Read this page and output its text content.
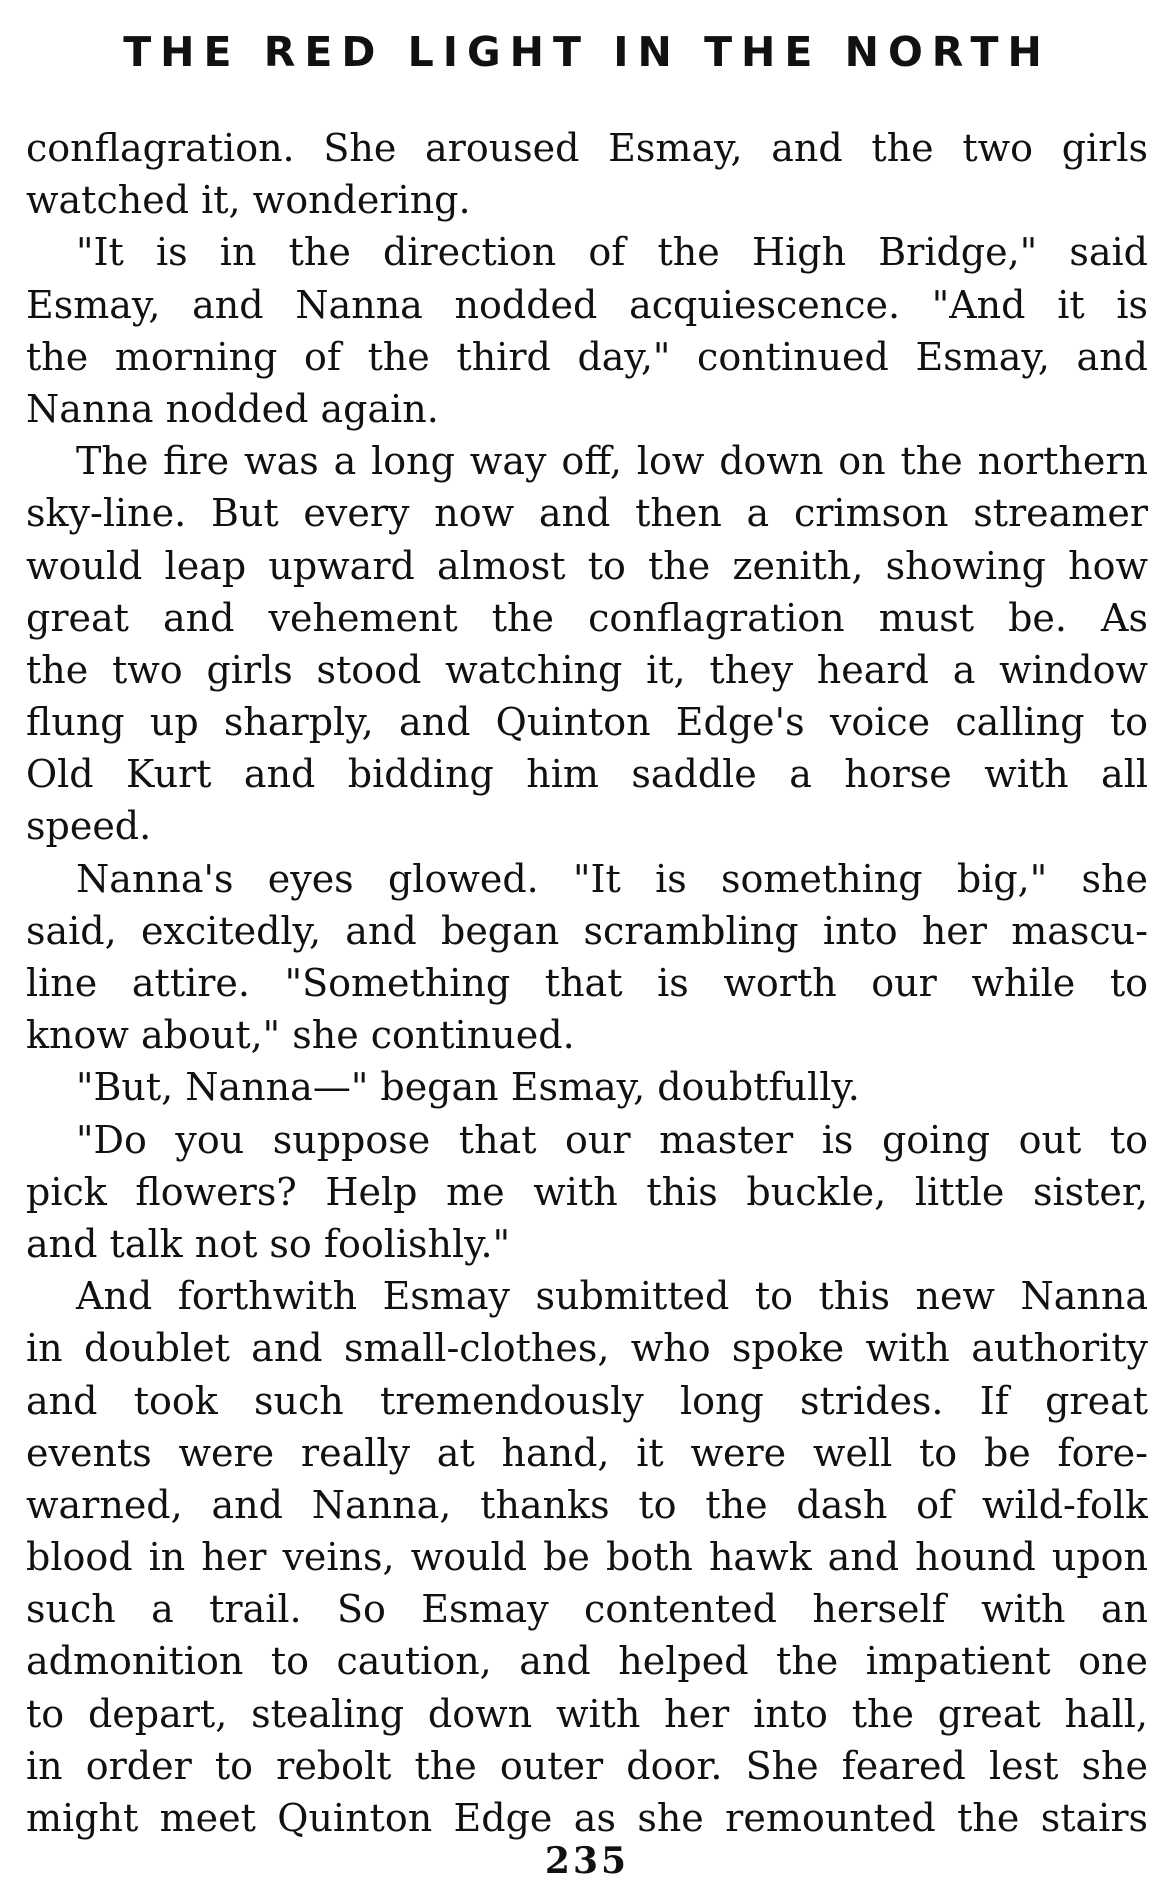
THE RED LIGHT IN THE NORTH
conflagration. She aroused Esmay, and the two girls
watched it, wondering.
"It is in the direction of the High Bridge," said
Esmay, and Nanna nodded acquiescence. "And it is
the morning of the third day," continued Esmay, and
Nanna nodded again.
The fire was a long way off, low down on the northern
sky-line. But every now and then a crimson streamer
would leap upward almost to the zenith, showing how
great and vehement the conflagration must be. As
the two girls stood watching it, they heard a window
flung up sharply, and Quinton Edge's voice calling to
Old Kurt and bidding him saddle a horse with all
speed.
Nanna's eyes glowed. "It is something big," she
said, excitedly, and began scrambling into her mascu-
line attire. "Something that is worth our while to
know about," she continued.
"But, Nanna—" began Esmay, doubtfully.
"Do you suppose that our master is going out to
pick flowers? Help me with this buckle, little sister,
and talk not so foolishly."
And forthwith Esmay submitted to this new Nanna
in doublet and small-clothes, who spoke with authority
and took such tremendously long strides. If great
events were really at hand, it were well to be fore-
warned, and Nanna, thanks to the dash of wild-folk
blood in her veins, would be both hawk and hound upon
such a trail. So Esmay contented herself with an
admonition to caution, and helped the impatient one
to depart, stealing down with her into the great hall,
in order to rebolt the outer door. She feared lest she
might meet Quinton Edge as she remounted the stairs
235
